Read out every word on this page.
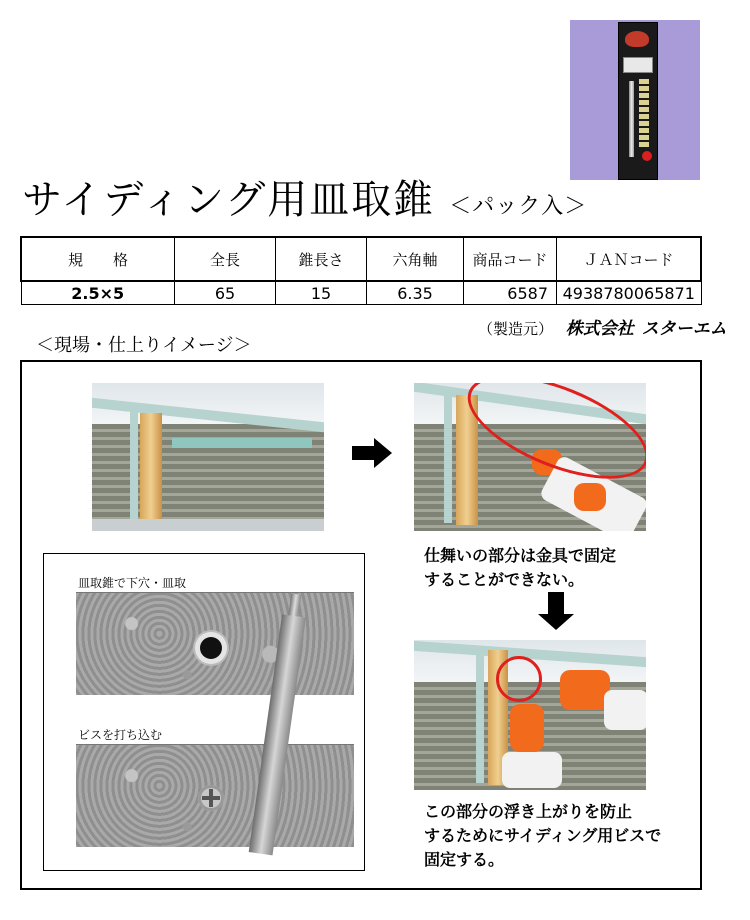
サイディング用皿取錐 ＜パック入＞
規　　格	全長	錐長さ	六角軸	商品コード	ＪＡＮコード
2.5×5	65	15	6.35	6587	4938780065871
（製造元） 株式会社 スターエム
＜現場・仕上りイメージ＞
仕舞いの部分は金具で固定
することができない。
この部分の浮き上がりを防止
するためにサイディング用ビスで
固定する。
皿取錐で下穴・皿取
ビスを打ち込む
